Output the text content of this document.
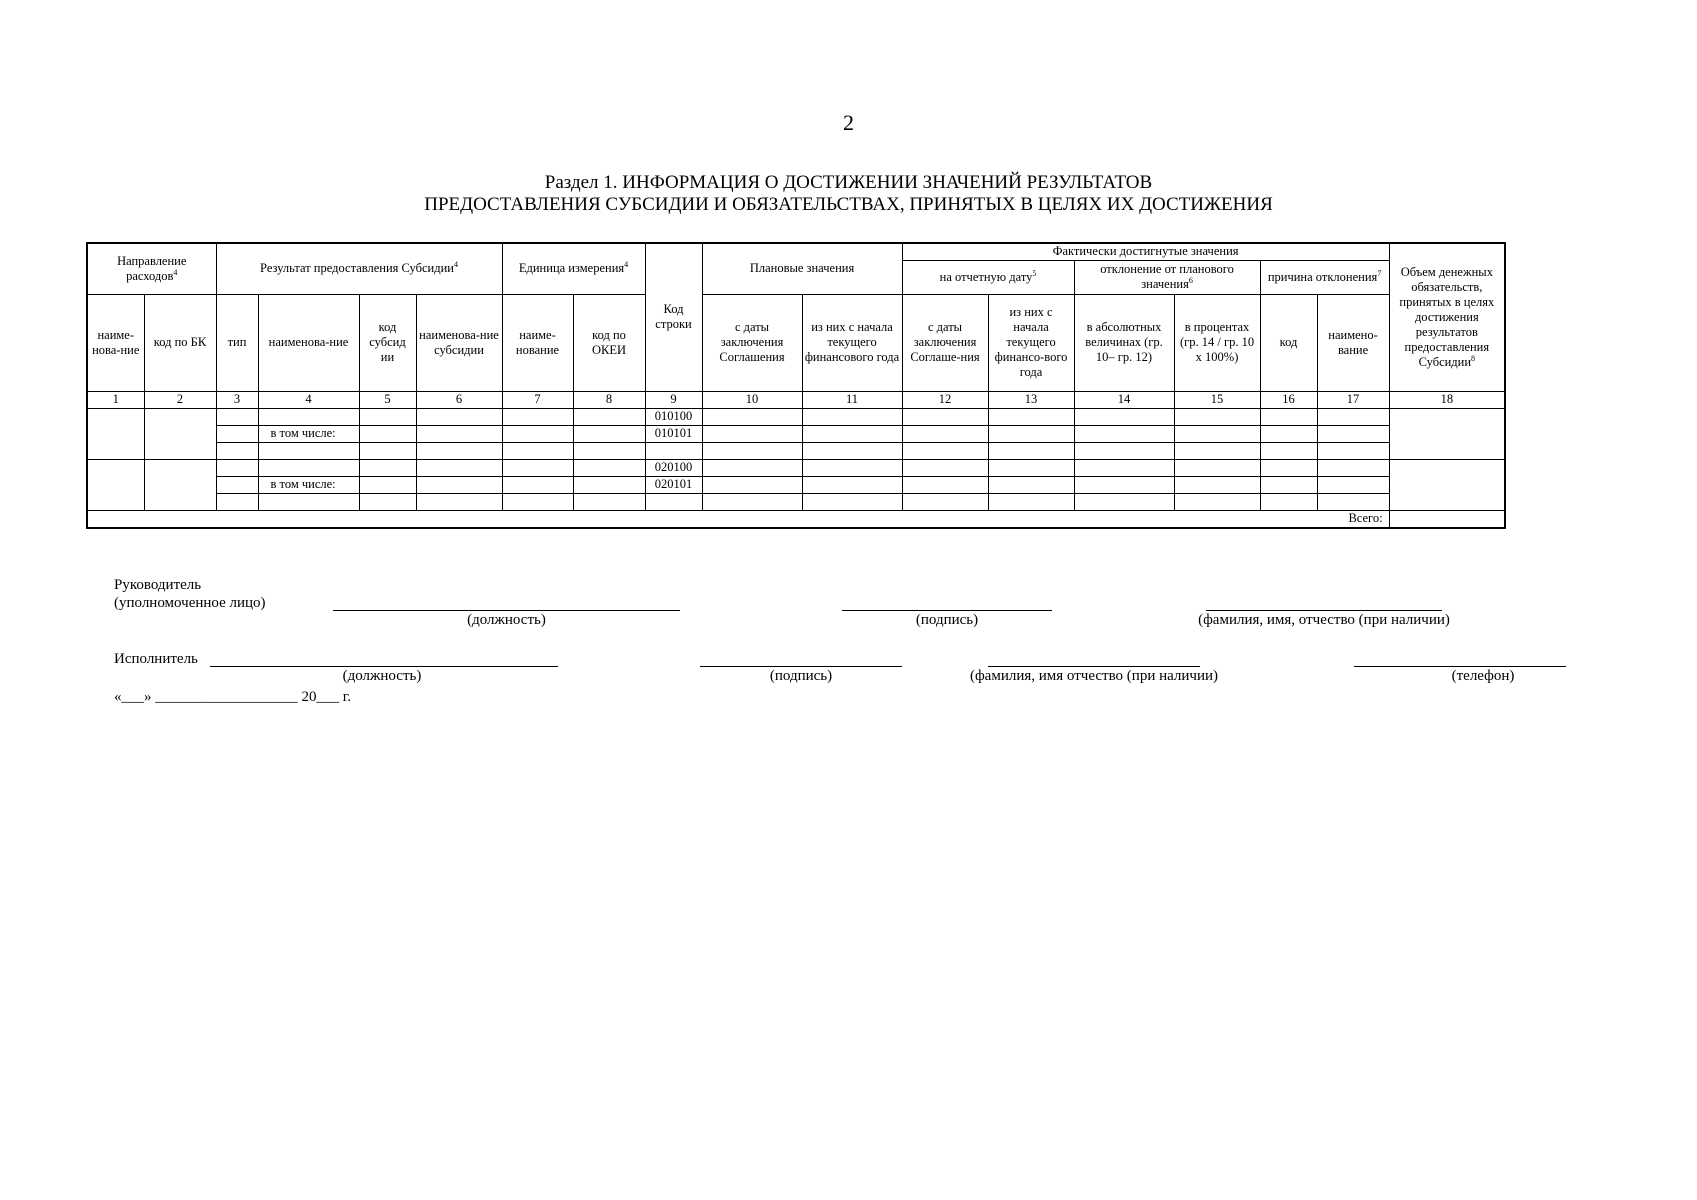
2
Раздел 1. ИНФОРМАЦИЯ О ДОСТИЖЕНИИ ЗНАЧЕНИЙ РЕЗУЛЬТАТОВ
ПРЕДОСТАВЛЕНИЯ СУБСИДИИ И ОБЯЗАТЕЛЬСТВАХ, ПРИНЯТЫХ В ЦЕЛЯХ ИХ ДОСТИЖЕНИЯ
Направление расходов$^4$		Результат предоставления Субсидии$^4$				Единица измерения$^4$		Код строки	Плановые значения		Фактически достигнутые значения						Объем денежных обязательств, принятых в целях достижения результатов предоставления Субсидии$^8$
											на отчетную дату$^5$		отклонение от планового значения$^6$		причина отклонения$^7$
наиме-нова-ние	код по БК	тип	наименова-ние	код субсид ии	наименова-ние субсидии	наиме-нование	код по ОКЕИ		с даты заключения Соглашения	из них с начала текущего финансового года	с даты заключения Соглаше-ния	из них с начала текущего финансо-вого года	в абсолютных величинах (гр. 10– гр. 12)	в процентах (гр. 14 / гр. 10 х 100%)	код	наимено-вание	
1	2	3	4	5	6	7	8	9	10	11	12	13	14	15	16	17	18
								010100									
			в том числе:					010101									

								020100									
			в том числе:					020101									

Всего:																	
Руководитель
(уполномоченное лицо)
(должность)	(подпись)	(фамилия, имя, отчество (при наличии)
Исполнитель
(должность)	(подпись)	(фамилия, имя отчество (при наличии)	(телефон)
«___» ___________________ 20___ г.
